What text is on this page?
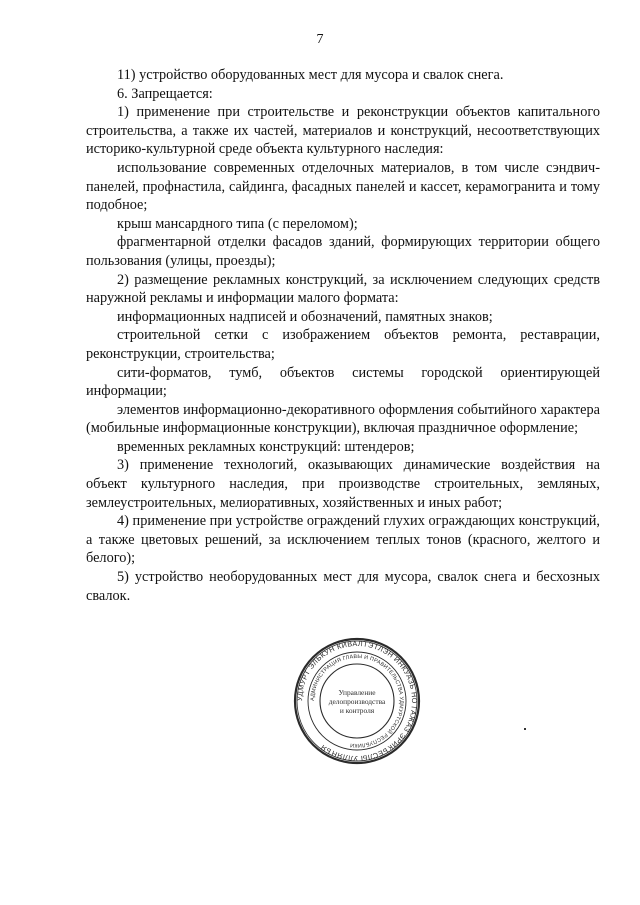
7

11) устройство оборудованных мест для мусора и свалок снега.

6. Запрещается:

1) применение при строительстве и реконструкции объектов капитального строительства, а также их частей, материалов и конструкций, несоответствующих историко-культурной среде объекта культурного наследия:

использование современных отделочных материалов, в том числе сэндвич-панелей, профнастила, сайдинга, фасадных панелей и кассет, керамогранита и тому подобное;

крыш мансардного типа (с переломом);

фрагментарной отделки фасадов зданий, формирующих территории общего пользования (улицы, проезды);

2) размещение рекламных конструкций, за исключением следующих средств наружной рекламы и информации малого формата:

информационных надписей и обозначений, памятных знаков;

строительной сетки с изображением объектов ремонта, реставрации, реконструкции, строительства;

сити-форматов, тумб, объектов системы городской ориентирующей информации;

элементов информационно-декоративного оформления событийного характера (мобильные информационные конструкции), включая праздничное оформление;

временных рекламных конструкций: штендеров;

3) применение технологий, оказывающих динамические воздействия на объект культурного наследия, при производстве строительных, земляных, землеустроительных, мелиоративных, хозяйственных и иных работ;

4) применение при устройстве ограждений глухих ограждающих конструкций, а также цветовых решений, за исключением теплых тонов (красного, желтого и белого);

5) устройство необорудованных мест для мусора, свалок снега и бесхозных свалок.

УДМУРТ ЭЛЬКУН КИВАЛТЭТЛЭН ИНКУАЗЬ НО ГАЖАЗ ЭРИКЪЕСЛЫ УЛЛЯНЪЯ
АДМИНИСТРАЦИЯ ГЛАВЫ И ПРАВИТЕЛЬСТВА УДМУРТСКОЙ РЕСПУБЛИКИ
Управление
делопроизводства
и контроля
